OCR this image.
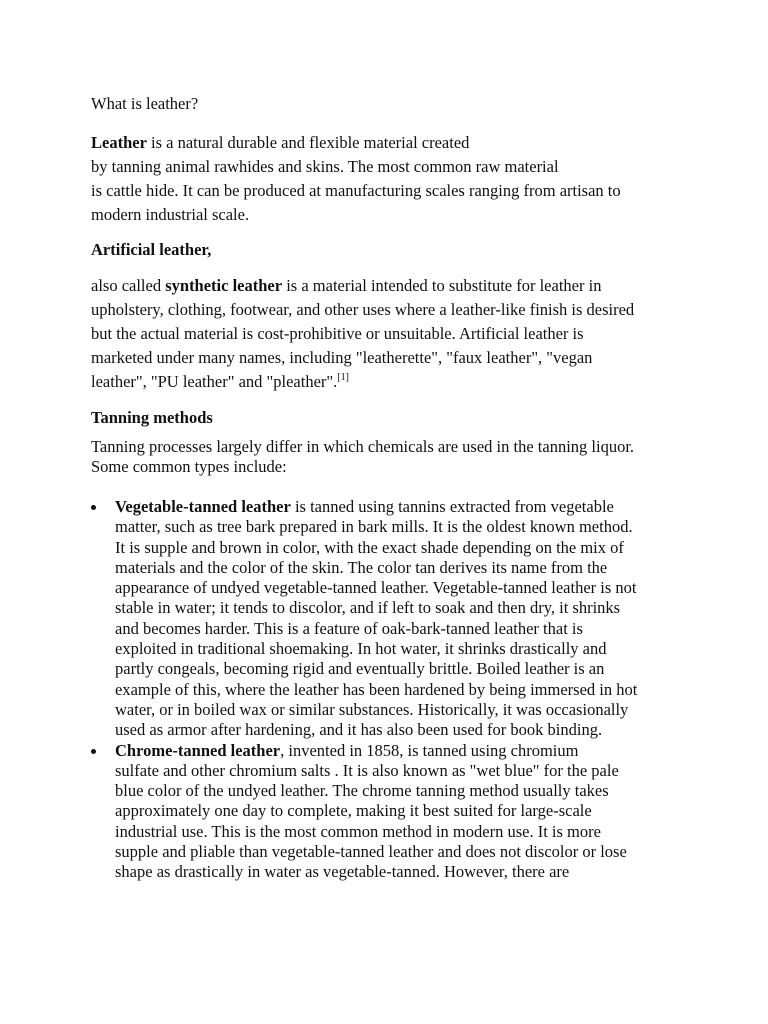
What is leather?
Leather is a natural durable and flexible material created
by tanning animal rawhides and skins. The most common raw material
is cattle hide. It can be produced at manufacturing scales ranging from artisan to
modern industrial scale.
Artificial leather,
also called synthetic leather is a material intended to substitute for leather in
upholstery, clothing, footwear, and other uses where a leather-like finish is desired
but the actual material is cost-prohibitive or unsuitable. Artificial leather is
marketed under many names, including "leatherette", "faux leather", "vegan
leather", "PU leather" and "pleather".[1]
Tanning methods
Tanning processes largely differ in which chemicals are used in the tanning liquor.
Some common types include:
Vegetable-tanned leather is tanned using tannins extracted from vegetable
matter, such as tree bark prepared in bark mills. It is the oldest known method.
It is supple and brown in color, with the exact shade depending on the mix of
materials and the color of the skin. The color tan derives its name from the
appearance of undyed vegetable-tanned leather. Vegetable-tanned leather is not
stable in water; it tends to discolor, and if left to soak and then dry, it shrinks
and becomes harder. This is a feature of oak-bark-tanned leather that is
exploited in traditional shoemaking. In hot water, it shrinks drastically and
partly congeals, becoming rigid and eventually brittle. Boiled leather is an
example of this, where the leather has been hardened by being immersed in hot
water, or in boiled wax or similar substances. Historically, it was occasionally
used as armor after hardening, and it has also been used for book binding.
Chrome-tanned leather, invented in 1858, is tanned using chromium
sulfate and other chromium salts . It is also known as "wet blue" for the pale
blue color of the undyed leather. The chrome tanning method usually takes
approximately one day to complete, making it best suited for large-scale
industrial use. This is the most common method in modern use. It is more
supple and pliable than vegetable-tanned leather and does not discolor or lose
shape as drastically in water as vegetable-tanned. However, there are
